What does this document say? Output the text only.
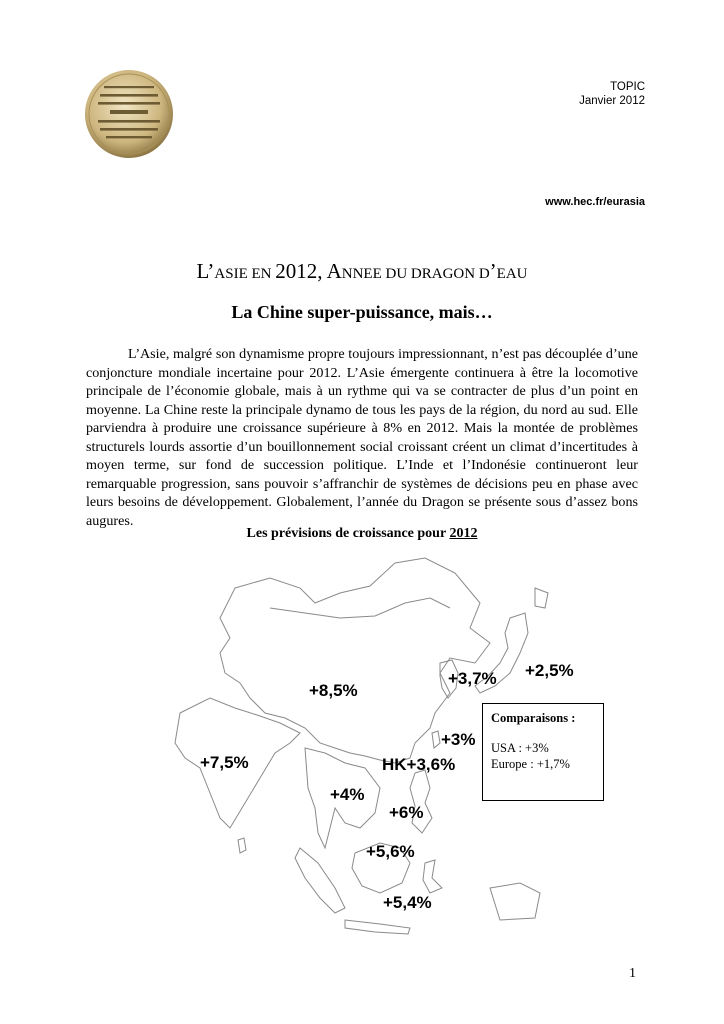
TOPIC
Janvier 2012
www.hec.fr/eurasia
L’ASIE EN 2012, ANNEE DU DRAGON D’EAU
La Chine super-puissance, mais…

L’Asie, malgré son dynamisme propre toujours impressionnant, n’est pas découplée d’une conjoncture mondiale incertaine pour 2012. L’Asie émergente continuera à être la locomotive principale de l’économie globale, mais à un rythme qui va se contracter de plus d’un point en moyenne. La Chine reste la principale dynamo de tous les pays de la région, du nord au sud. Elle parviendra à produire une croissance supérieure à 8% en 2012. Mais la montée de problèmes structurels lourds assortie d’un bouillonnement social croissant créent un climat d’incertitudes à moyen terme, sur fond de succession politique. L’Inde et l’Indonésie continueront leur remarquable progression, sans pouvoir s’affranchir de systèmes de décisions peu en phase avec leurs besoins de développement. Globalement, l’année du Dragon se présente sous d’assez bons augures.

Les prévisions de croissance pour 2012
+8,5%
+3,7% +2,5%
+3%
+7,5%	HK+3,6%
+4%
+6%
+5,6%
+5,4%
Comparaisons :
USA : +3%
Europe : +1,7%
1
